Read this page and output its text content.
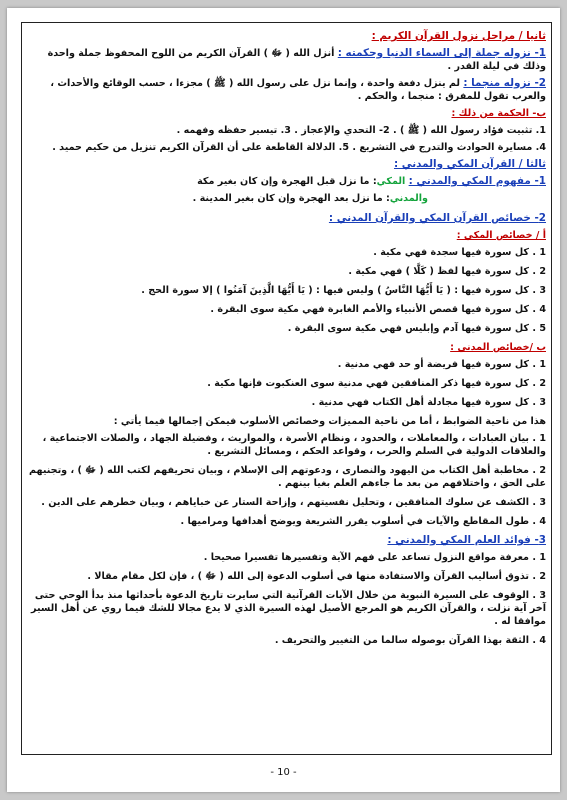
ثانيا / مراحل نزول القرآن الكريم :
1- نزوله جملة إلى السماء الدنيا وحكمته : أنزل الله ( ﷻ ) القرآن الكريم من اللوح المحفوظ جملة واحدة وذلك في ليلة القدر .
2- نزوله منجما : لم ينزل دفعة واحدة ، وإنما نزل على رسول الله ( ﷺ ) مجزءا ، حسب الوقائع والأحداث ، والعرب تقول للمفرق : منجما ، والحكم .
ب- الحكمة من ذلك :
1. تثبيت فؤاد رسول الله ( ﷺ ) . 2- التحدي والإعجاز . 3. تيسير حفظه وفهمه .
4. مسايرة الحوادث والتدرج في التشريع . 5. الدلالة القاطعة على أن القرآن الكريم تنزيل من حكيم حميد .
ثالثا / القرآن المكي والمدني :
1- مفهوم المكي والمدني : المكي: ما نزل قبل الهجرة وإن كان بغير مكة
والمدني: ما نزل بعد الهجرة وإن كان بغير المدينة .
2- خصائص القرآن المكي والقرآن المدني :
أ / خصائص المكي :
1 . كل سورة فيها سجدة فهي مكية .
2 . كل سورة فيها لفظ ( كَلَّا ) فهي مكية .
3 . كل سورة فيها : ( يَا أَيُّهَا النَّاسُ ) وليس فيها : ( يَا أَيُّهَا الَّذِينَ آمَنُوا ) إلا سورة الحج .
4 . كل سورة فيها قصص الأنبياء والأمم الغابرة فهي مكية سوى البقرة .
5 . كل سورة فيها آدم وإبليس فهي مكية سوى البقرة .
ب /خصائص المدني :
1 . كل سورة فيها فريضة أو حد فهي مدنية .
2 . كل سورة فيها ذكر المنافقين فهي مدنية سوى العنكبوت فإنها مكية .
3 . كل سورة فيها مجادلة أهل الكتاب فهي مدنية .
هذا من ناحية الضوابط ، أما من ناحية المميزات وخصائص الأسلوب فيمكن إجمالها فيما يأتي :
1 . بيان العبادات ، والمعاملات ، والحدود ، ونظام الأسرة ، والمواريث ، وفضيلة الجهاد ، والصلات الاجتماعية ، والعلاقات الدولية في السلم والحرب ، وقواعد الحكم ، ومسائل التشريع .
2 . مخاطبة أهل الكتاب من اليهود والنصارى ، ودعوتهم إلى الإسلام ، وبيان تحريفهم لكتب الله ( ﷻ ) ، وتجنيهم على الحق ، واختلافهم من بعد ما جاءهم العلم بغيا بينهم .
3 . الكشف عن سلوك المنافقين ، وتحليل نفسيتهم ، وإزاحة الستار عن خباياهم ، وبيان خطرهم على الدين .
4 . طول المقاطع والآيات في أسلوب يقرر الشريعة ويوضح أهدافها ومراميها .
3- فوائد العلم المكي والمدني :
1 . معرفة مواقع النزول تساعد على فهم الآية وتفسيرها تفسيرا صحيحا .
2 . تذوق أساليب القرآن والاستفادة منها في أسلوب الدعوة إلى الله ( ﷻ ) ، فإن لكل مقام مقالا .
3 . الوقوف على السيرة النبوية من خلال الآيات القرآنية التي سايرت تاريخ الدعوة بأحداثها منذ بدأ الوحي حتى آخر آية نزلت ، والقرآن الكريم هو المرجع الأصيل لهذه السيرة الذي لا يدع مجالا للشك فيما روي عن أهل السير موافقا له .
4 . الثقة بهذا القرآن بوصوله سالما من التغيير والتحريف .
- 10 -
